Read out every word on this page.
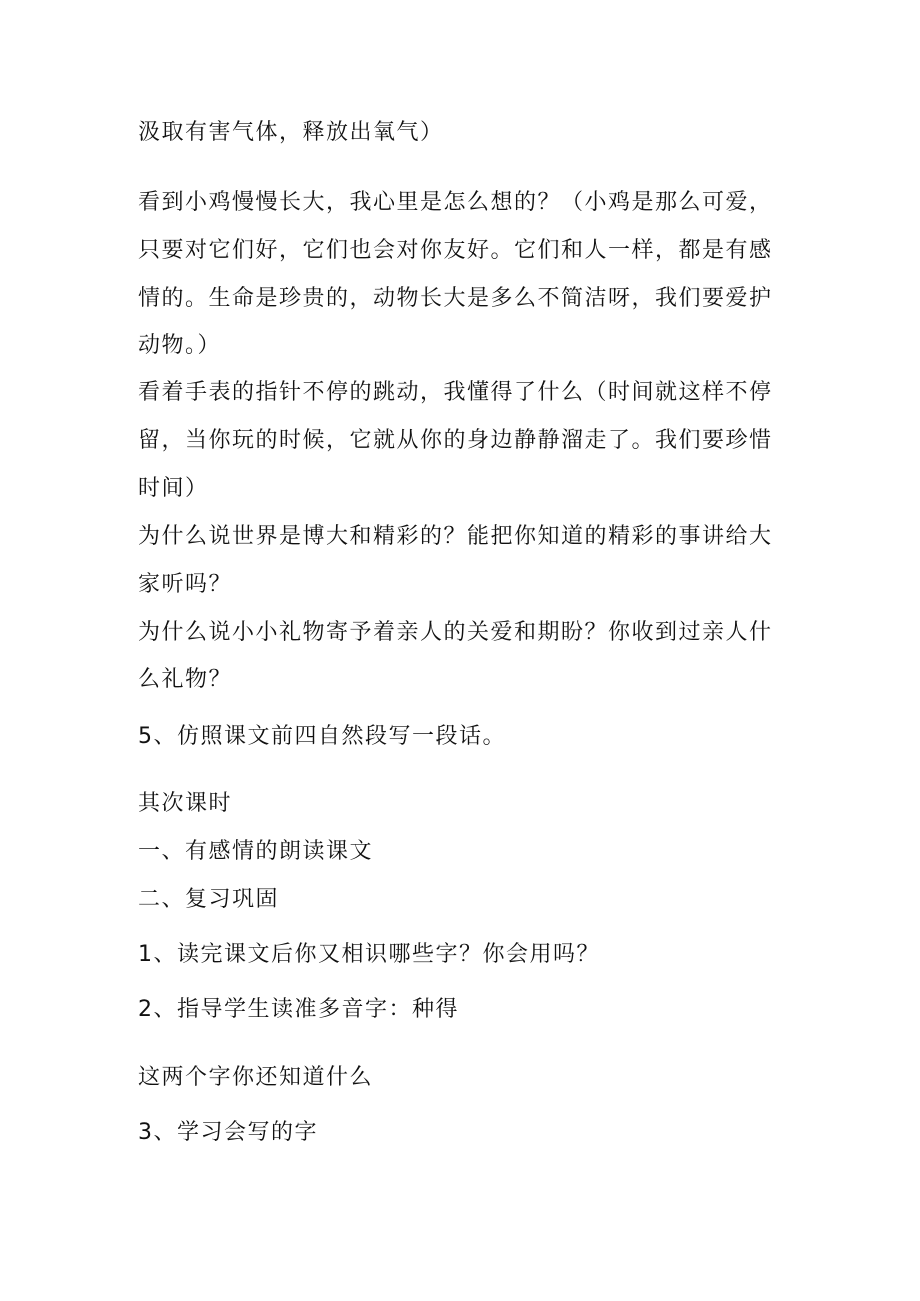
汲取有害气体，释放出氧气）
看到小鸡慢慢长大，我心里是怎么想的？（小鸡是那么可爱，
只要对它们好，它们也会对你友好。它们和人一样，都是有感
情的。生命是珍贵的，动物长大是多么不简洁呀，我们要爱护
动物。）
看着手表的指针不停的跳动，我懂得了什么（时间就这样不停
留，当你玩的时候，它就从你的身边静静溜走了。我们要珍惜
时间）
为什么说世界是博大和精彩的？能把你知道的精彩的事讲给大
家听吗？
为什么说小小礼物寄予着亲人的关爱和期盼？你收到过亲人什
么礼物？
5、仿照课文前四自然段写一段话。
其次课时
一、有感情的朗读课文
二、复习巩固
1、读完课文后你又相识哪些字？你会用吗？
2、指导学生读准多音字：种得
这两个字你还知道什么
3、学习会写的字
